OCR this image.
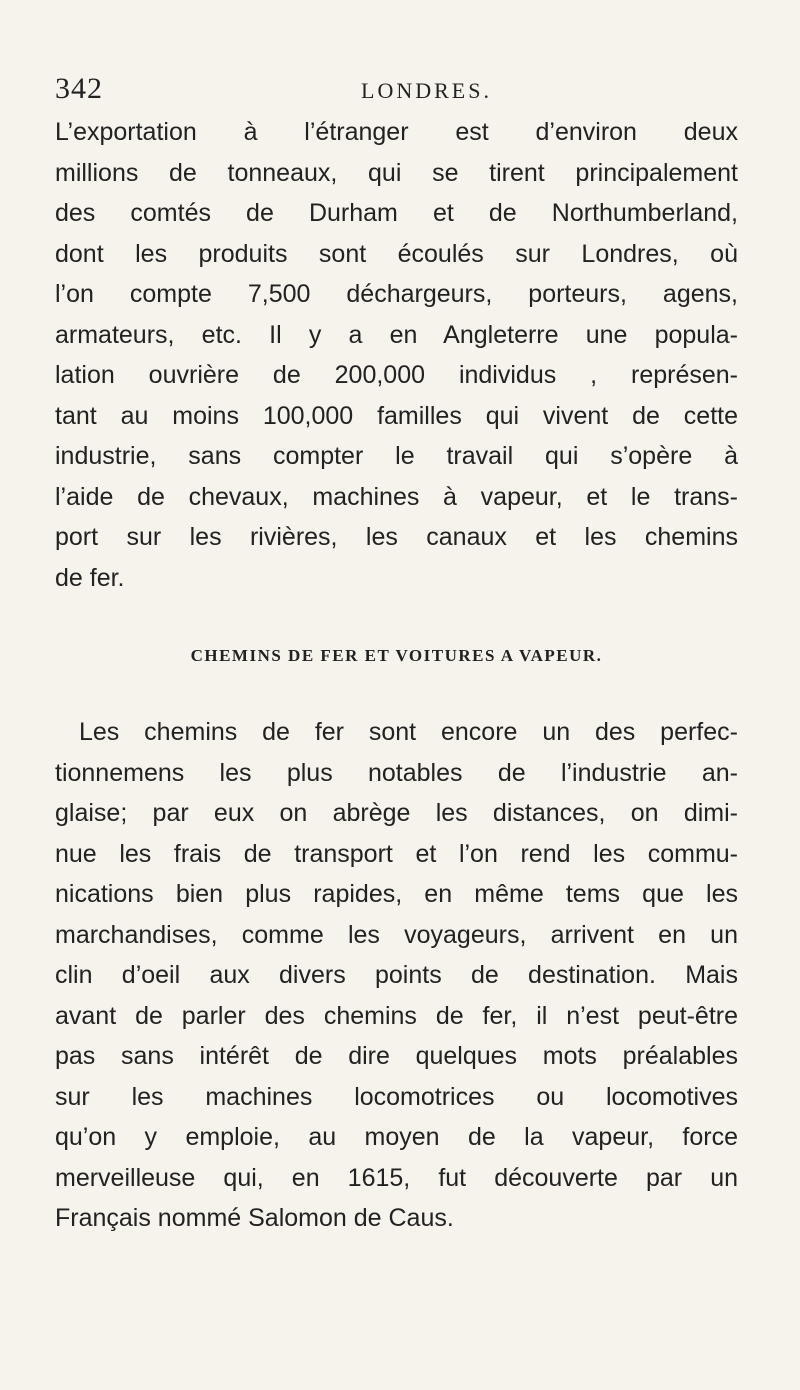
342	LONDRES.

L’exportation à l’étranger est d’environ deux
millions de tonneaux, qui se tirent principalement
des comtés de Durham et de Northumberland,
dont les produits sont écoulés sur Londres, où
l’on compte 7,500 déchargeurs, porteurs, agens,
armateurs, etc. Il y a en Angleterre une popula-
lation ouvrière de 200,000 individus , représen-
tant au moins 100,000 familles qui vivent de cette
industrie, sans compter le travail qui s’opère à
l’aide de chevaux, machines à vapeur, et le trans-
port sur les rivières, les canaux et les chemins
de fer.

CHEMINS DE FER ET VOITURES A VAPEUR.

Les chemins de fer sont encore un des perfec-
tionnemens les plus notables de l’industrie an-
glaise; par eux on abrège les distances, on dimi-
nue les frais de transport et l’on rend les commu-
nications bien plus rapides, en même tems que les
marchandises, comme les voyageurs, arrivent en un
clin d’oeil aux divers points de destination. Mais
avant de parler des chemins de fer, il n’est peut-être
pas sans intérêt de dire quelques mots préalables
sur les machines locomotrices ou locomotives
qu’on y emploie, au moyen de la vapeur, force
merveilleuse qui, en 1615, fut découverte par un
Français nommé Salomon de Caus.
